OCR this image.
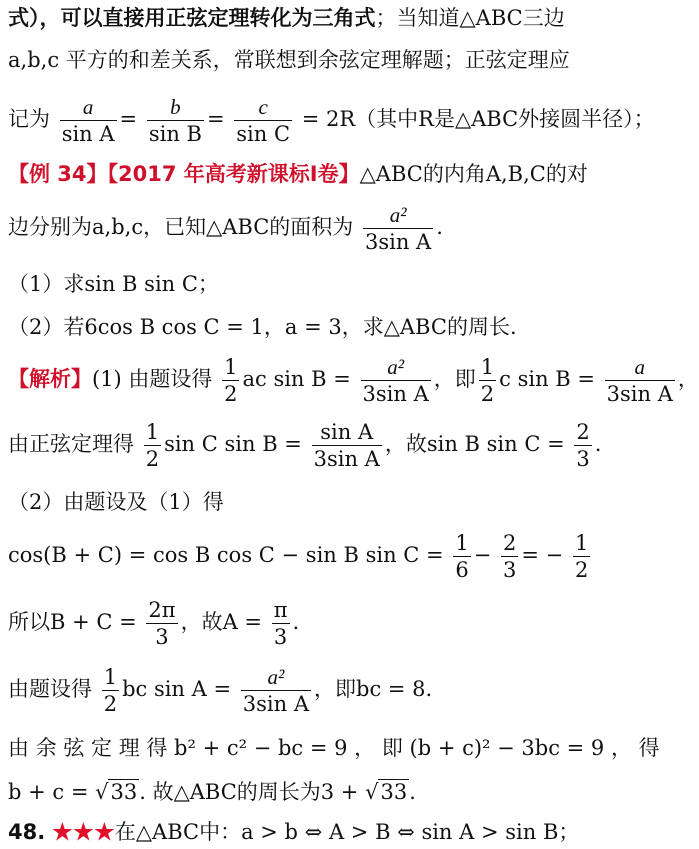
式），可以直接用正弦定理转化为三角式；当知道△ABC三边
a,b,c 平方的和差关系，常联想到余弦定理解题；正弦定理应
记为 $\frac{a}{\text{sin A}} = \frac{b}{\text{sin B}} = \frac{c}{\text{sin C}} = 2R$（其中R是△ABC外接圆半径）；
【例 34】【2017 年高考新课标I卷】△ABC的内角A,B,C的对
边分别为a,b,c，已知△ABC的面积为 $\frac{\text{a²}}{\text{3sin A}}$ .
（1）求sin B sin C；
（2）若6cos B cos C = 1，a = 3，求△ABC的周长.
【解析】(1) 由题设得 $\frac{1}{2}$ ac $\sin B = \frac{\text{a²}}{\text{3sin A}}$ ，即 $\frac{1}{2}$ c $\sin B = \frac{a}{\text{3sin A}}$ ，
由正弦定理得 $\frac{1}{2}$ sin C $\sin B = \frac{\text{sin A}}{\text{3sin A}}$ ，故sin B $\sin C = \frac{2}{3}$ .
（2）由题设及（1）得
cos(B + C) = cos B cos C − sin B $\sin C = \frac{1}{6} - \frac{2}{3}$ = − $\frac{1}{2}$
所以$B + C = \frac{2\pi}{3}$ ，故$A = \frac{\pi}{3}$ .
由题设得 $\frac{1}{2}$ bc $\sin A = \frac{\text{a²}}{\text{3sin A}}$ ，即bc = 8.
由 余 弦 定 理 得 b² + c² − bc = 9 ， 即 (b + c)² − 3bc = 9 ， 得
b + c = √33. 故△ABC的周长为3 + √33.
48. ★★★在△ABC中：a > b ⇔ A > B ⇔ sin A > sin B；
